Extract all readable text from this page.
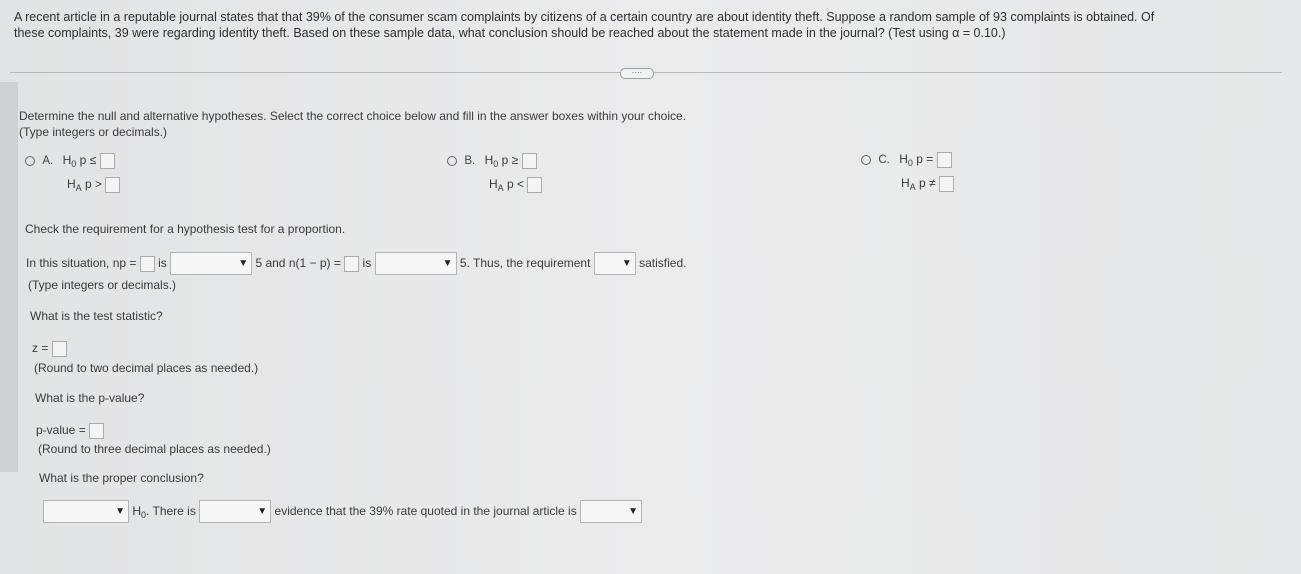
A recent article in a reputable journal states that that 39% of the consumer scam complaints by citizens of a certain country are about identity theft. Suppose a random sample of 93 complaints is obtained. Of
these complaints, 39 were regarding identity theft. Based on these sample data, what conclusion should be reached about the statement made in the journal? (Test using α = 0.10.)
····
Determine the null and alternative hypotheses. Select the correct choice below and fill in the answer boxes within your choice.
(Type integers or decimals.)
A. $H_0$ p ≤
$H_A$ p >
B. $H_0$ p ≥
$H_A$ p <
C. $H_0$ p =
$H_A$ p ≠
Check the requirement for a hypothesis test for a proportion.
In this situation, np = is	▼ 5 and n(1 − p) = is	▼ 5. Thus, the requirement	▼ satisfied.
(Type integers or decimals.)
What is the test statistic?
z =
(Round to two decimal places as needed.)
What is the p-value?
p-value =
(Round to three decimal places as needed.)
What is the proper conclusion?
▼ $H_0$. There is	▼ evidence that the 39% rate quoted in the journal article is	▼
